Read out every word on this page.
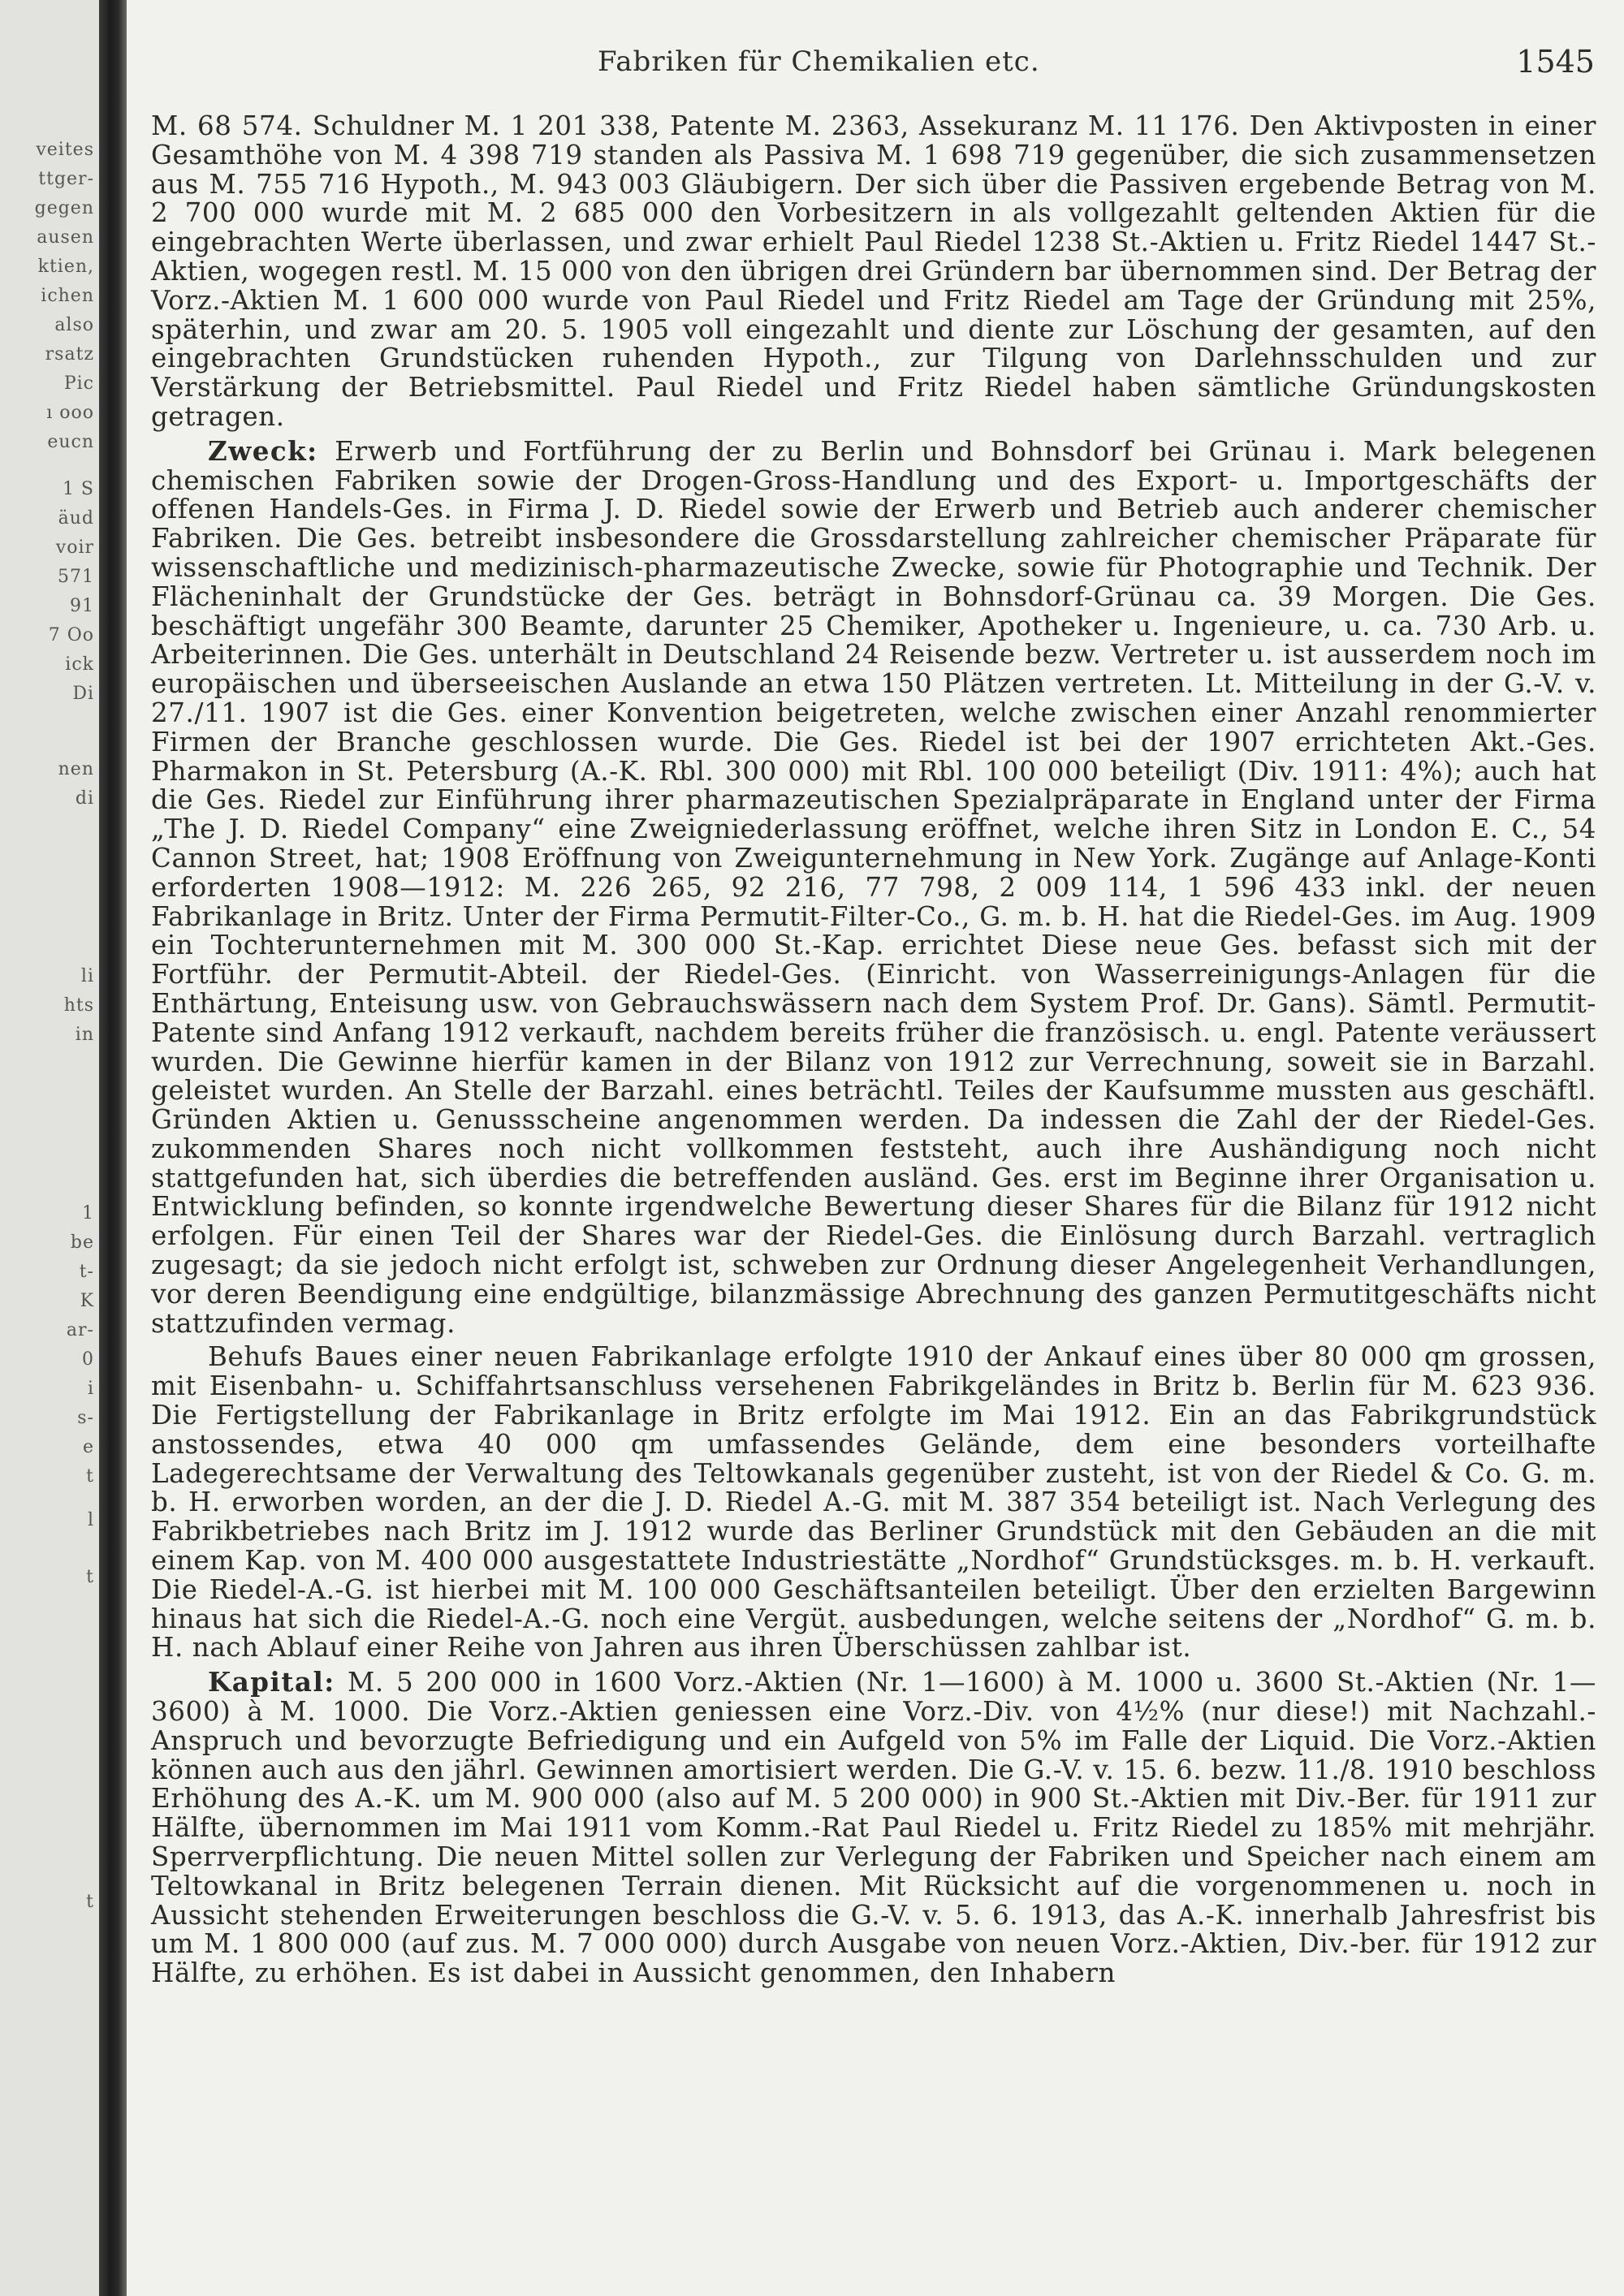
veites
ttger-
gegen
ausen
ktien,
ichen
also
rsatz
Pic
ı ooo
eucn
1 S
äud
voir
571
91
7 Oo
ick
Di
nen
di
li
hts
in
1
be
t-
K
ar-
0
i
s-
e
t
l
t
t
Fabriken für Chemikalien etc.	1545

M. 68 574. Schuldner M. 1 201 338, Patente M. 2363, Assekuranz M. 11 176. Den Aktivposten in einer Gesamthöhe von M. 4 398 719 standen als Passiva M. 1 698 719 gegenüber, die sich zusammensetzen aus M. 755 716 Hypoth., M. 943 003 Gläubigern. Der sich über die Passiven ergebende Betrag von M. 2 700 000 wurde mit M. 2 685 000 den Vorbesitzern in als vollgezahlt geltenden Aktien für die eingebrachten Werte überlassen, und zwar erhielt Paul Riedel 1238 St.-Aktien u. Fritz Riedel 1447 St.-Aktien, wogegen restl. M. 15 000 von den übrigen drei Gründern bar übernommen sind. Der Betrag der Vorz.-Aktien M. 1 600 000 wurde von Paul Riedel und Fritz Riedel am Tage der Gründung mit 25%, späterhin, und zwar am 20. 5. 1905 voll eingezahlt und diente zur Löschung der gesamten, auf den eingebrachten Grundstücken ruhenden Hypoth., zur Tilgung von Darlehnsschulden und zur Verstärkung der Betriebsmittel. Paul Riedel und Fritz Riedel haben sämtliche Gründungskosten getragen.

Zweck: Erwerb und Fortführung der zu Berlin und Bohnsdorf bei Grünau i. Mark belegenen chemischen Fabriken sowie der Drogen-Gross-Handlung und des Export- u. Importgeschäfts der offenen Handels-Ges. in Firma J. D. Riedel sowie der Erwerb und Betrieb auch anderer chemischer Fabriken. Die Ges. betreibt insbesondere die Grossdarstellung zahlreicher chemischer Präparate für wissenschaftliche und medizinisch-pharmazeutische Zwecke, sowie für Photographie und Technik. Der Flächeninhalt der Grundstücke der Ges. beträgt in Bohnsdorf-Grünau ca. 39 Morgen. Die Ges. beschäftigt ungefähr 300 Beamte, darunter 25 Chemiker, Apotheker u. Ingenieure, u. ca. 730 Arb. u. Arbeiterinnen. Die Ges. unterhält in Deutschland 24 Reisende bezw. Vertreter u. ist ausserdem noch im europäischen und überseeischen Auslande an etwa 150 Plätzen vertreten. Lt. Mitteilung in der G.-V. v. 27./11. 1907 ist die Ges. einer Konvention beigetreten, welche zwischen einer Anzahl renommierter Firmen der Branche geschlossen wurde. Die Ges. Riedel ist bei der 1907 errichteten Akt.-Ges. Pharmakon in St. Petersburg (A.-K. Rbl. 300 000) mit Rbl. 100 000 beteiligt (Div. 1911: 4%); auch hat die Ges. Riedel zur Einführung ihrer pharmazeutischen Spezialpräparate in England unter der Firma „The J. D. Riedel Company“ eine Zweigniederlassung eröffnet, welche ihren Sitz in London E. C., 54 Cannon Street, hat; 1908 Eröffnung von Zweigunternehmung in New York. Zugänge auf Anlage-Konti erforderten 1908—1912: M. 226 265, 92 216, 77 798, 2 009 114, 1 596 433 inkl. der neuen Fabrikanlage in Britz. Unter der Firma Permutit-Filter-Co., G. m. b. H. hat die Riedel-Ges. im Aug. 1909 ein Tochterunternehmen mit M. 300 000 St.-Kap. errichtet Diese neue Ges. befasst sich mit der Fortführ. der Permutit-Abteil. der Riedel-Ges. (Einricht. von Wasserreinigungs-Anlagen für die Enthärtung, Enteisung usw. von Gebrauchswässern nach dem System Prof. Dr. Gans). Sämtl. Permutit-Patente sind Anfang 1912 verkauft, nachdem bereits früher die französisch. u. engl. Patente veräussert wurden. Die Gewinne hierfür kamen in der Bilanz von 1912 zur Verrechnung, soweit sie in Barzahl. geleistet wurden. An Stelle der Barzahl. eines beträchtl. Teiles der Kaufsumme mussten aus geschäftl. Gründen Aktien u. Genussscheine angenommen werden. Da indessen die Zahl der der Riedel-Ges. zukommenden Shares noch nicht vollkommen feststeht, auch ihre Aushändigung noch nicht stattgefunden hat, sich überdies die betreffenden ausländ. Ges. erst im Beginne ihrer Organisation u. Entwicklung befinden, so konnte irgendwelche Bewertung dieser Shares für die Bilanz für 1912 nicht erfolgen. Für einen Teil der Shares war der Riedel-Ges. die Einlösung durch Barzahl. vertraglich zugesagt; da sie jedoch nicht erfolgt ist, schweben zur Ordnung dieser Angelegenheit Verhandlungen, vor deren Beendigung eine endgültige, bilanzmässige Abrechnung des ganzen Permutitgeschäfts nicht stattzufinden vermag.

Behufs Baues einer neuen Fabrikanlage erfolgte 1910 der Ankauf eines über 80 000 qm grossen, mit Eisenbahn- u. Schiffahrtsanschluss versehenen Fabrikgeländes in Britz b. Berlin für M. 623 936. Die Fertigstellung der Fabrikanlage in Britz erfolgte im Mai 1912. Ein an das Fabrikgrundstück anstossendes, etwa 40 000 qm umfassendes Gelände, dem eine besonders vorteilhafte Ladegerechtsame der Verwaltung des Teltowkanals gegenüber zusteht, ist von der Riedel & Co. G. m. b. H. erworben worden, an der die J. D. Riedel A.-G. mit M. 387 354 beteiligt ist. Nach Verlegung des Fabrikbetriebes nach Britz im J. 1912 wurde das Berliner Grundstück mit den Gebäuden an die mit einem Kap. von M. 400 000 ausgestattete Industriestätte „Nordhof“ Grundstücksges. m. b. H. verkauft. Die Riedel-A.-G. ist hierbei mit M. 100 000 Geschäftsanteilen beteiligt. Über den erzielten Bargewinn hinaus hat sich die Riedel-A.-G. noch eine Vergüt. ausbedungen, welche seitens der „Nordhof“ G. m. b. H. nach Ablauf einer Reihe von Jahren aus ihren Überschüssen zahlbar ist.

Kapital: M. 5 200 000 in 1600 Vorz.-Aktien (Nr. 1—1600) à M. 1000 u. 3600 St.-Aktien (Nr. 1—3600) à M. 1000. Die Vorz.-Aktien geniessen eine Vorz.-Div. von 4½% (nur diese!) mit Nachzahl.-Anspruch und bevorzugte Befriedigung und ein Aufgeld von 5% im Falle der Liquid. Die Vorz.-Aktien können auch aus den jährl. Gewinnen amortisiert werden. Die G.-V. v. 15. 6. bezw. 11./8. 1910 beschloss Erhöhung des A.-K. um M. 900 000 (also auf M. 5 200 000) in 900 St.-Aktien mit Div.-Ber. für 1911 zur Hälfte, übernommen im Mai 1911 vom Komm.-Rat Paul Riedel u. Fritz Riedel zu 185% mit mehrjähr. Sperrverpflichtung. Die neuen Mittel sollen zur Verlegung der Fabriken und Speicher nach einem am Teltowkanal in Britz belegenen Terrain dienen. Mit Rücksicht auf die vorgenommenen u. noch in Aussicht stehenden Erweiterungen beschloss die G.-V. v. 5. 6. 1913, das A.-K. innerhalb Jahresfrist bis um M. 1 800 000 (auf zus. M. 7 000 000) durch Ausgabe von neuen Vorz.-Aktien, Div.-ber. für 1912 zur Hälfte, zu erhöhen. Es ist dabei in Aussicht genommen, den Inhabern
